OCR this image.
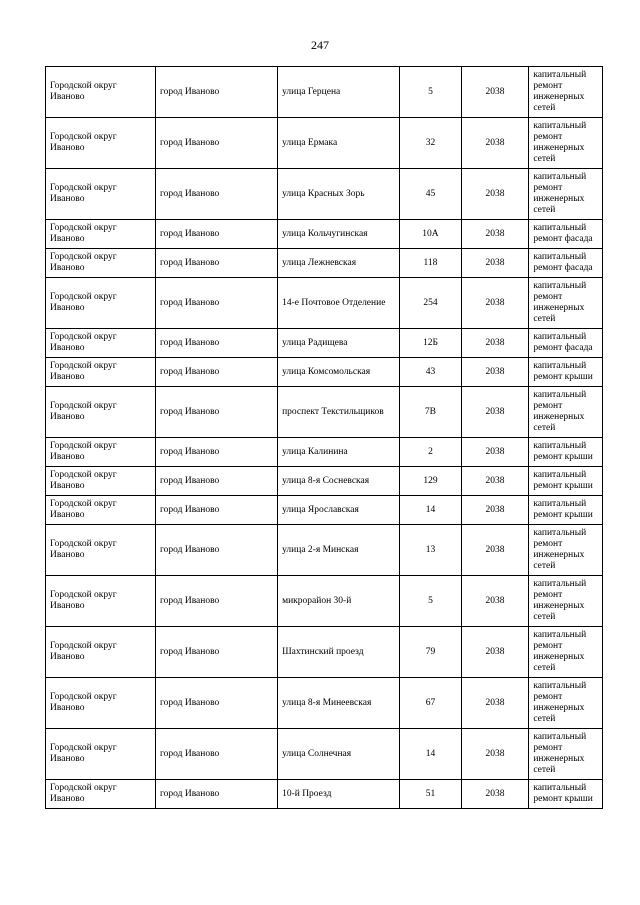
247
Городской округ Иваново	город Иваново	улица Герцена	5	2038	капитальный ремонт инженерных сетей
Городской округ Иваново	город Иваново	улица Ермака	32	2038	капитальный ремонт инженерных сетей
Городской округ Иваново	город Иваново	улица Красных Зорь	45	2038	капитальный ремонт инженерных сетей
Городской округ Иваново	город Иваново	улица Кольчугинская	10А	2038	капитальный ремонт фасада
Городской округ Иваново	город Иваново	улица Лежневская	118	2038	капитальный ремонт фасада
Городской округ Иваново	город Иваново	14-е Почтовое Отделение	254	2038	капитальный ремонт инженерных сетей
Городской округ Иваново	город Иваново	улица Радищева	12Б	2038	капитальный ремонт фасада
Городской округ Иваново	город Иваново	улица Комсомольская	43	2038	капитальный ремонт крыши
Городской округ Иваново	город Иваново	проспект Текстильщиков	7В	2038	капитальный ремонт инженерных сетей
Городской округ Иваново	город Иваново	улица Калинина	2	2038	капитальный ремонт крыши
Городской округ Иваново	город Иваново	улица 8-я Сосневская	129	2038	капитальный ремонт крыши
Городской округ Иваново	город Иваново	улица Ярославская	14	2038	капитальный ремонт крыши
Городской округ Иваново	город Иваново	улица 2-я Минская	13	2038	капитальный ремонт инженерных сетей
Городской округ Иваново	город Иваново	микрорайон 30-й	5	2038	капитальный ремонт инженерных сетей
Городской округ Иваново	город Иваново	Шахтинский проезд	79	2038	капитальный ремонт инженерных сетей
Городской округ Иваново	город Иваново	улица 8-я Минеевская	67	2038	капитальный ремонт инженерных сетей
Городской округ Иваново	город Иваново	улица Солнечная	14	2038	капитальный ремонт инженерных сетей
Городской округ Иваново	город Иваново	10-й Проезд	51	2038	капитальный ремонт крыши
